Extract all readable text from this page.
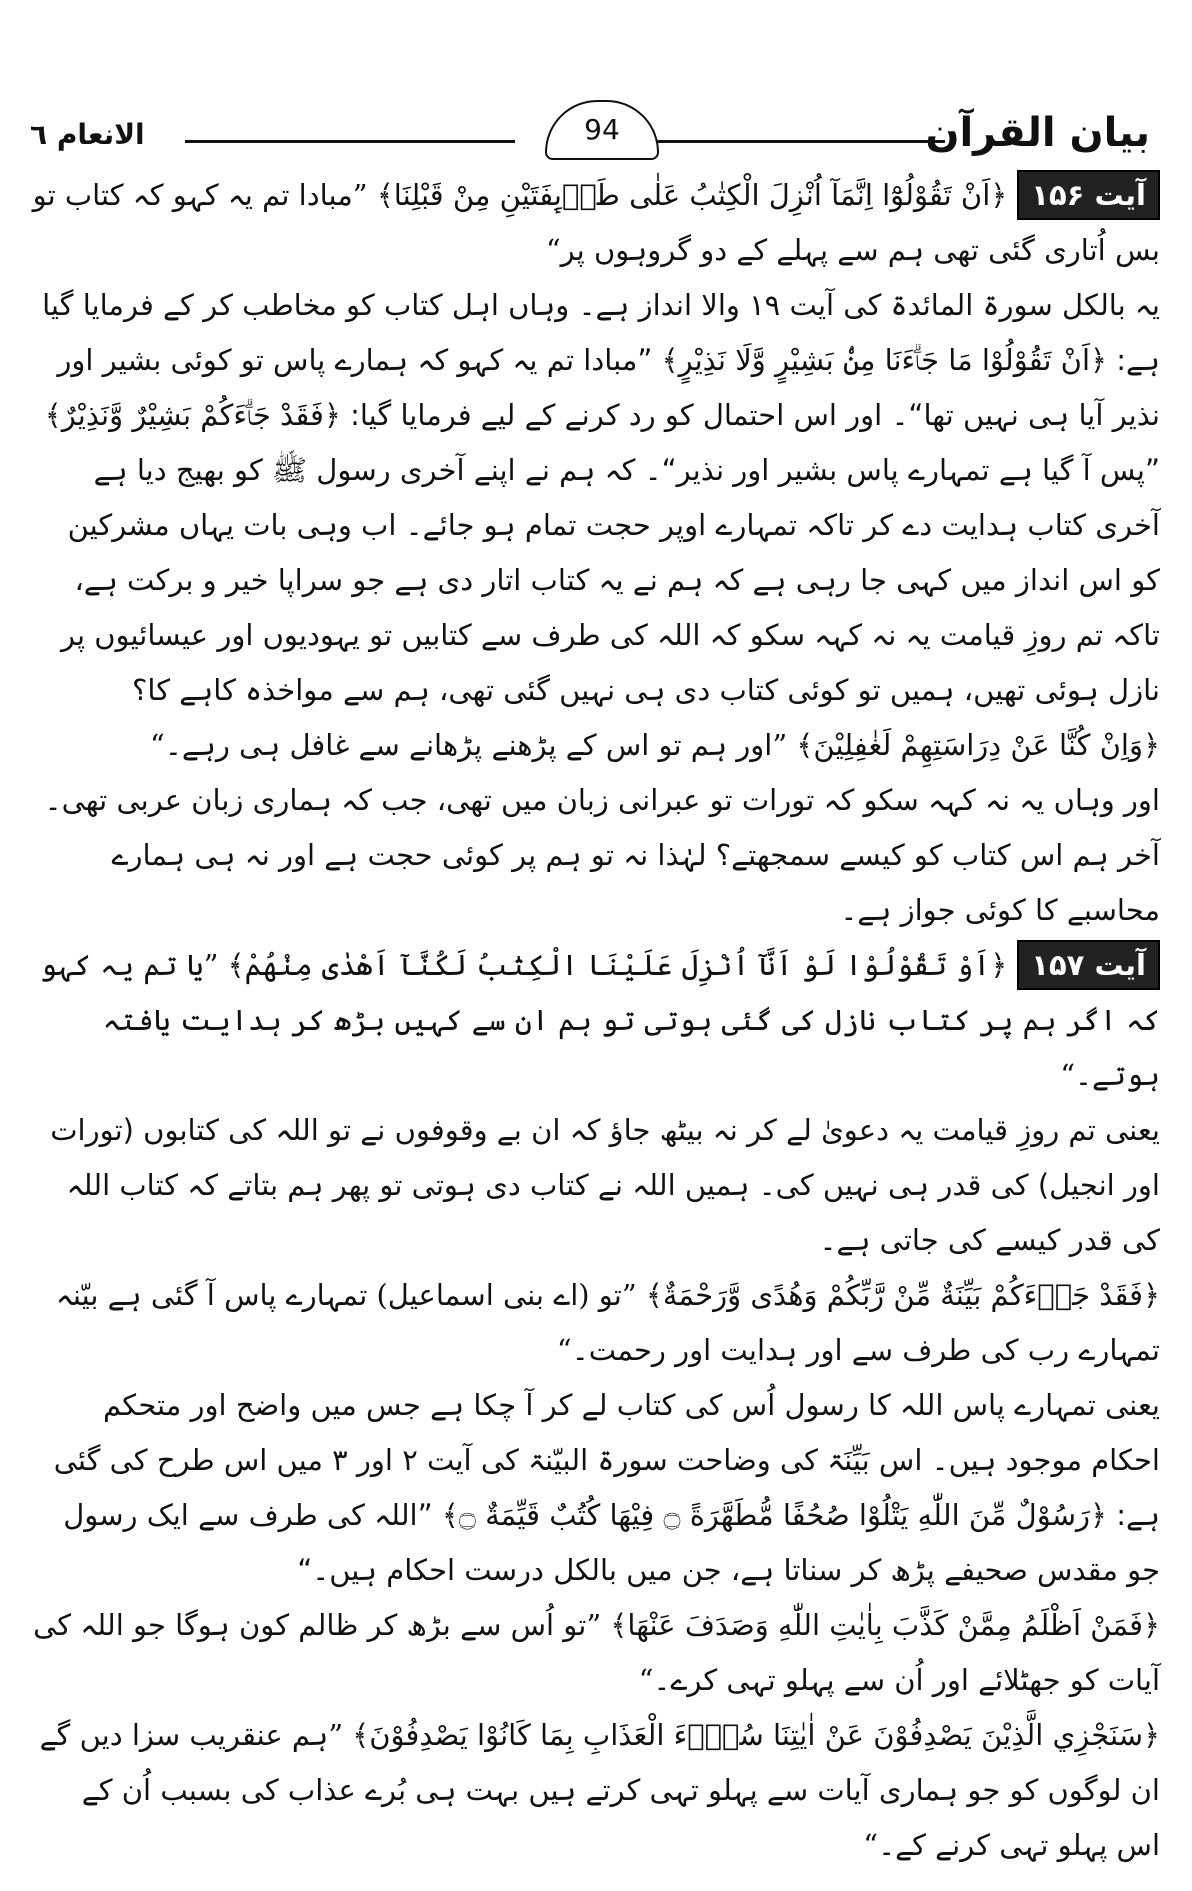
بیان القرآن
94
الانعام ٦

آیت ۱۵۶﴿اَنْ تَقُوْلُوْٓا اِنَّمَآ اُنْزِلَ الْكِتٰبُ عَلٰی طَاۗىِٕفَتَیْنِ مِنْ قَبْلِنَا﴾ ”مبادا تم یہ کہو کہ کتاب تو بس اُتاری گئی تھی ہم سے پہلے کے دو گروہوں پر“

یہ بالکل سورۃ المائدۃ کی آیت ۱۹ والا انداز ہے۔ وہاں اہل کتاب کو مخاطب کر کے فرمایا گیا ہے: ﴿اَنْ تَقُوْلُوْا مَا جَاۗءَنَا مِنْۢ بَشِيْرٍ وَّلَا نَذِيْرٍ﴾ ”مبادا تم یہ کہو کہ ہمارے پاس تو کوئی بشیر اور نذیر آیا ہی نہیں تھا“۔ اور اس احتمال کو رد کرنے کے لیے فرمایا گیا: ﴿فَقَدْ جَاۗءَكُمْ بَشِيْرٌ وَّنَذِيْرٌ﴾ ”پس آ گیا ہے تمہارے پاس بشیر اور نذیر“۔ کہ ہم نے اپنے آخری رسول ﷺ کو بھیج دیا ہے آخری کتاب ہدایت دے کر تاکہ تمہارے اوپر حجت تمام ہو جائے۔ اب وہی بات یہاں مشرکین کو اس انداز میں کہی جا رہی ہے کہ ہم نے یہ کتاب اتار دی ہے جو سراپا خیر و برکت ہے، تاکہ تم روزِ قیامت یہ نہ کہہ سکو کہ اللہ کی طرف سے کتابیں تو یہودیوں اور عیسائیوں پر نازل ہوئی تھیں، ہمیں تو کوئی کتاب دی ہی نہیں گئی تھی، ہم سے مواخذہ کاہے کا؟

﴿وَاِنْ كُنَّا عَنْ دِرَاسَتِهِمْ لَغٰفِلِيْنَ﴾ ”اور ہم تو اس کے پڑھنے پڑھانے سے غافل ہی رہے۔“

اور وہاں یہ نہ کہہ سکو کہ تورات تو عبرانی زبان میں تھی، جب کہ ہماری زبان عربی تھی۔ آخر ہم اس کتاب کو کیسے سمجھتے؟ لہٰذا نہ تو ہم پر کوئی حجت ہے اور نہ ہی ہمارے محاسبے کا کوئی جواز ہے۔

آیت ۱۵۷﴿اَوْ تَقُوْلُوْا لَوْ اَنَّآ اُنْزِلَ عَلَيْنَا الْكِتٰبُ لَكُنَّآ اَهْدٰى مِنْهُمْ﴾ ”یا تم یہ کہو کہ اگر ہم پر کتاب نازل کی گئی ہوتی تو ہم ان سے کہیں بڑھ کر ہدایت یافتہ ہوتے۔“

یعنی تم روزِ قیامت یہ دعویٰ لے کر نہ بیٹھ جاؤ کہ ان بے وقوفوں نے تو اللہ کی کتابوں (تورات اور انجیل) کی قدر ہی نہیں کی۔ ہمیں اللہ نے کتاب دی ہوتی تو پھر ہم بتاتے کہ کتاب اللہ کی قدر کیسے کی جاتی ہے۔

﴿فَقَدْ جَاۗءَكُمْ بَيِّنَةٌ مِّنْ رَّبِّكُمْ وَهُدًى وَّرَحْمَةٌ﴾ ”تو (اے بنی اسماعیل) تمہارے پاس آ گئی ہے بیّنہ تمہارے رب کی طرف سے اور ہدایت اور رحمت۔“

یعنی تمہارے پاس اللہ کا رسول اُس کی کتاب لے کر آ چکا ہے جس میں واضح اور متحکم احکام موجود ہیں۔ اس بَیِّنَۃ کی وضاحت سورۃ البیّنۃ کی آیت ۲ اور ۳ میں اس طرح کی گئی ہے: ﴿رَسُوْلٌ مِّنَ اللّٰهِ يَتْلُوْا صُحُفًا مُّطَهَّرَةً ۝ فِيْهَا كُتُبٌ قَيِّمَةٌ ۝﴾ ”اللہ کی طرف سے ایک رسول جو مقدس صحیفے پڑھ کر سناتا ہے، جن میں بالکل درست احکام ہیں۔“

﴿فَمَنْ اَظْلَمُ مِمَّنْ كَذَّبَ بِاٰيٰتِ اللّٰهِ وَصَدَفَ عَنْهَا﴾ ”تو اُس سے بڑھ کر ظالم کون ہوگا جو اللہ کی آیات کو جھٹلائے اور اُن سے پہلو تہی کرے۔“

﴿سَنَجْزِي الَّذِيْنَ يَصْدِفُوْنَ عَنْ اٰيٰتِنَا سُوْۗءَ الْعَذَابِ بِمَا كَانُوْا يَصْدِفُوْنَ﴾ ”ہم عنقریب سزا دیں گے ان لوگوں کو جو ہماری آیات سے پہلو تہی کرتے ہیں بہت ہی بُرے عذاب کی بسبب اُن کے اس پہلو تہی کرنے کے۔“
